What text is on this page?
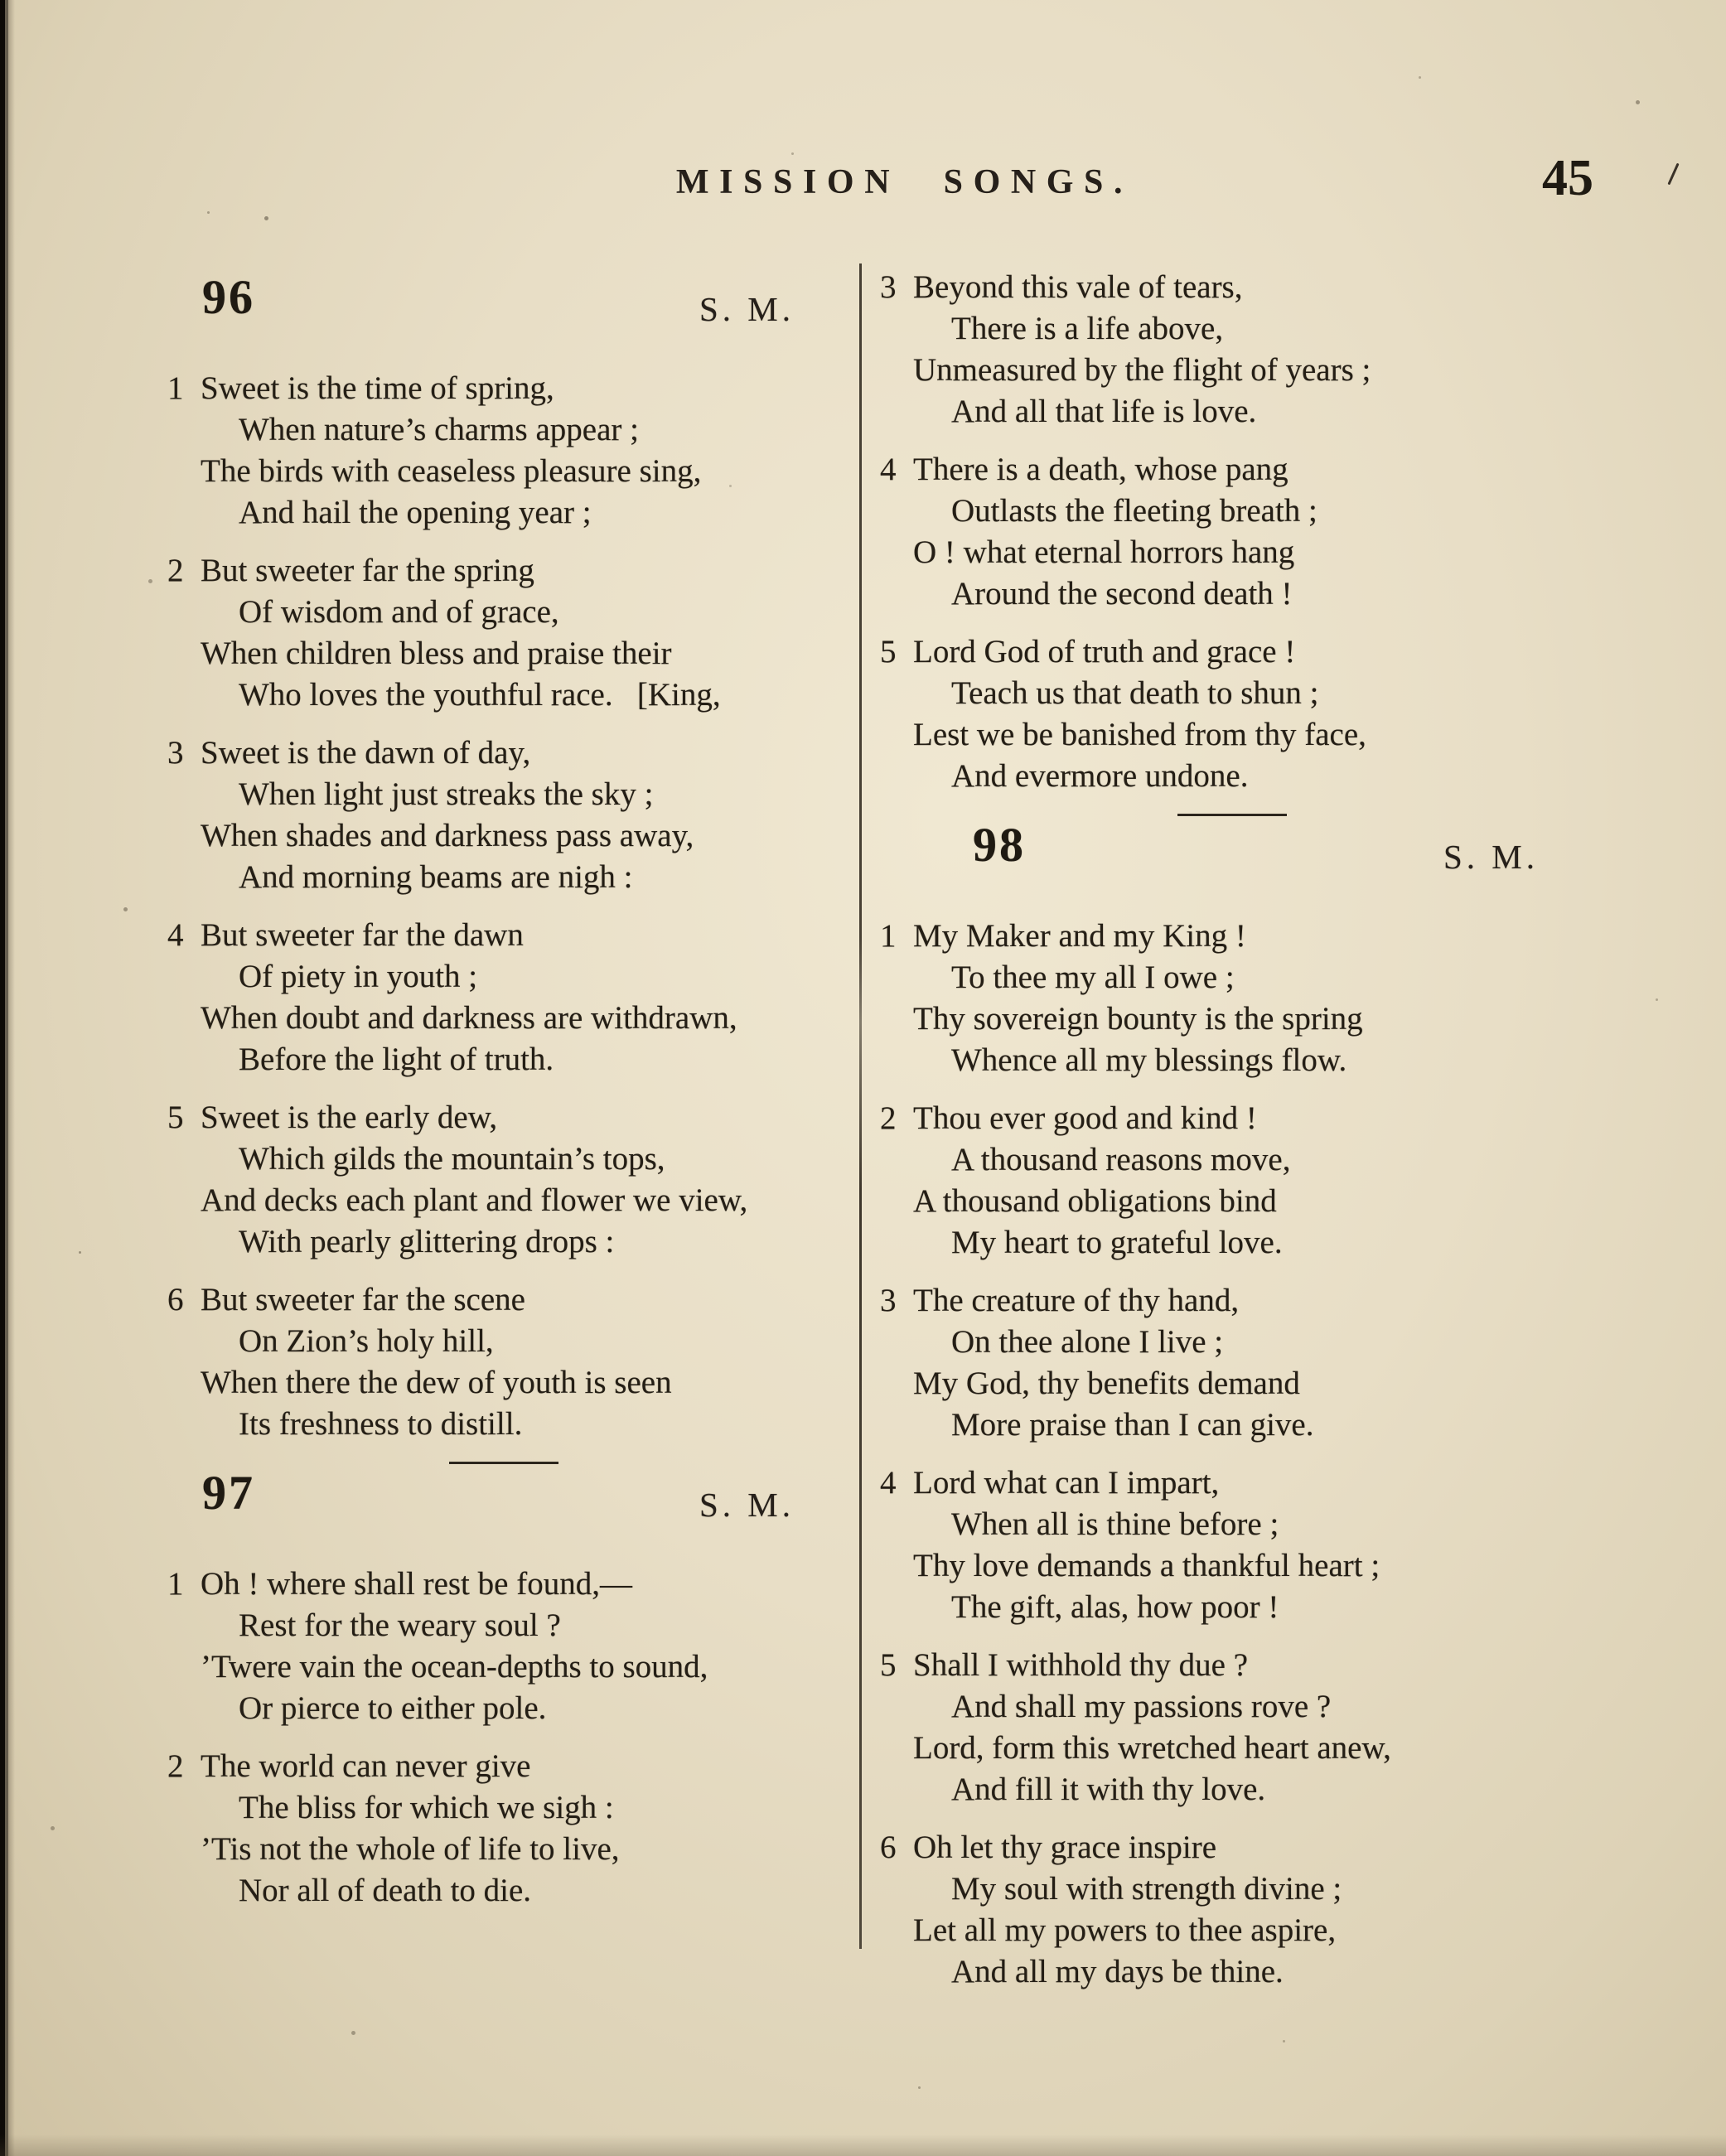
MISSION SONGS.	45
96	S. M.
1 Sweet is the time of spring,
When nature’s charms appear ;
The birds with ceaseless pleasure sing,
And hail the opening year ;
2 But sweeter far the spring
Of wisdom and of grace,
When children bless and praise their
Who loves the youthful race.   [King,
3 Sweet is the dawn of day,
When light just streaks the sky ;
When shades and darkness pass away,
And morning beams are nigh :
4 But sweeter far the dawn
Of piety in youth ;
When doubt and darkness are withdrawn,
Before the light of truth.
5 Sweet is the early dew,
Which gilds the mountain’s tops,
And decks each plant and flower we view,
With pearly glittering drops :
6 But sweeter far the scene
On Zion’s holy hill,
When there the dew of youth is seen
Its freshness to distill.
97	S. M.
1 Oh ! where shall rest be found,—
Rest for the weary soul ?
’Twere vain the ocean-depths to sound,
Or pierce to either pole.
2 The world can never give
The bliss for which we sigh :
’Tis not the whole of life to live,
Nor all of death to die.
3 Beyond this vale of tears,
There is a life above,
Unmeasured by the flight of years ;
And all that life is love.
4 There is a death, whose pang
Outlasts the fleeting breath ;
O ! what eternal horrors hang
Around the second death !
5 Lord God of truth and grace !
Teach us that death to shun ;
Lest we be banished from thy face,
And evermore undone.
98	S. M.
1 My Maker and my King !
To thee my all I owe ;
Thy sovereign bounty is the spring
Whence all my blessings flow.
2 Thou ever good and kind !
A thousand reasons move,
A thousand obligations bind
My heart to grateful love.
3 The creature of thy hand,
On thee alone I live ;
My God, thy benefits demand
More praise than I can give.
4 Lord what can I impart,
When all is thine before ;
Thy love demands a thankful heart ;
The gift, alas, how poor !
5 Shall I withhold thy due ?
And shall my passions rove ?
Lord, form this wretched heart anew,
And fill it with thy love.
6 Oh let thy grace inspire
My soul with strength divine ;
Let all my powers to thee aspire,
And all my days be thine.
